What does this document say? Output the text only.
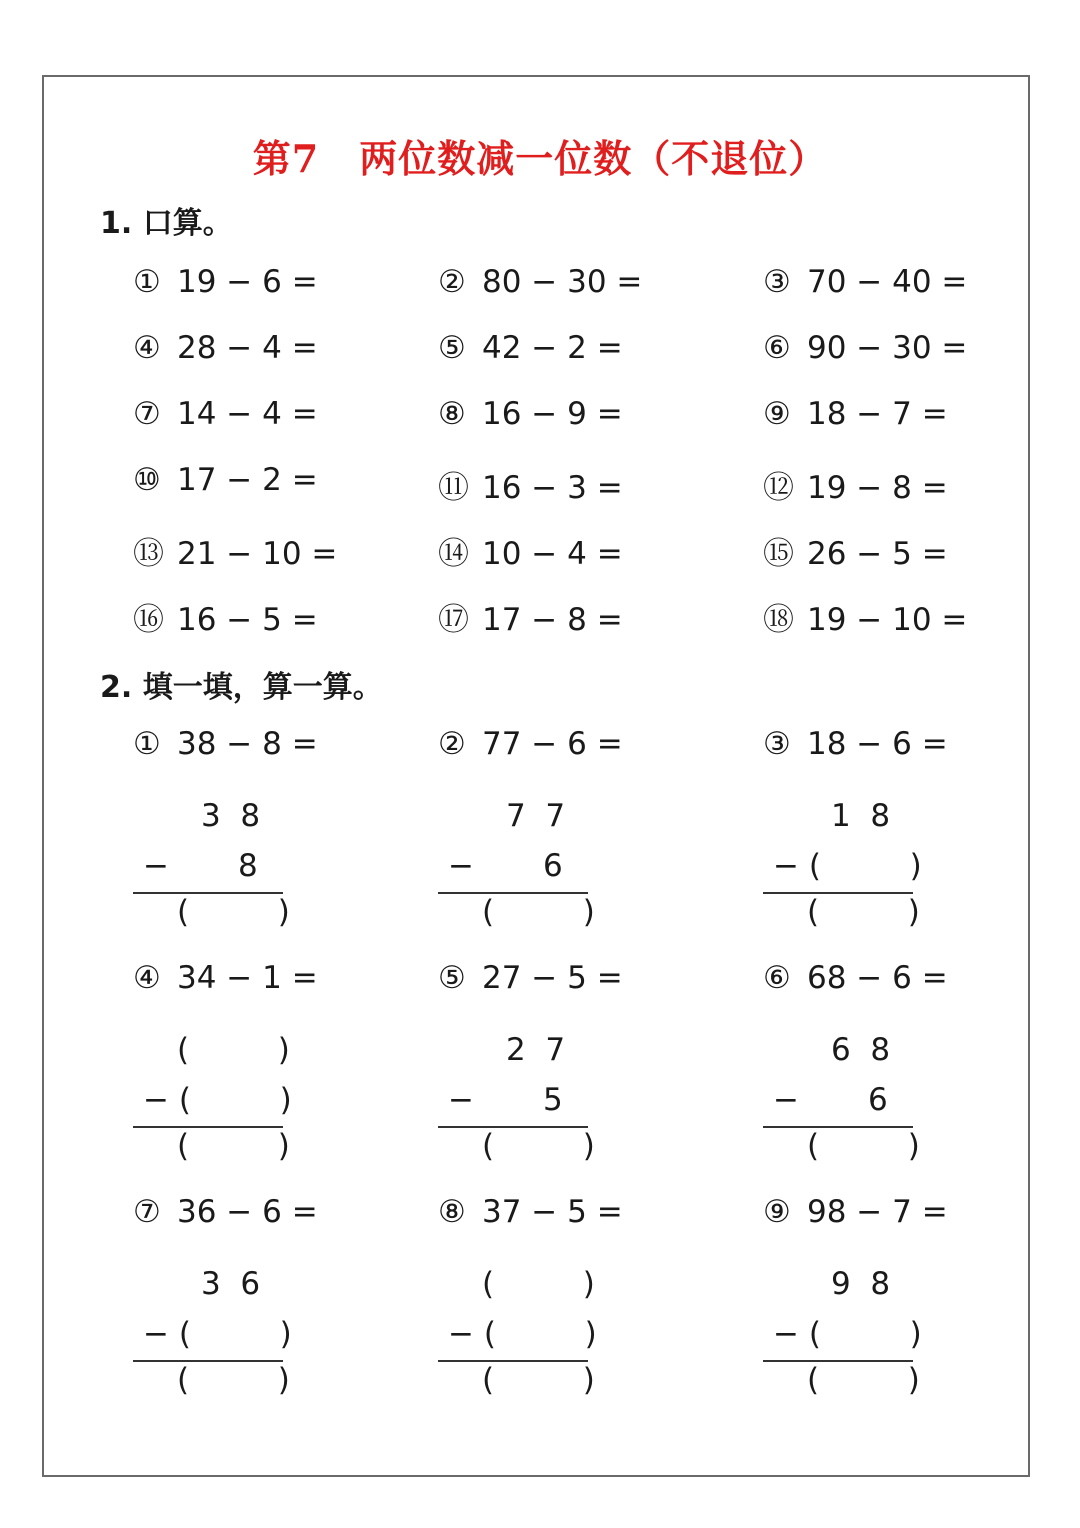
第7 两位数减一位数（不退位）
1. 口算。
① 19 − 6 =	② 80 − 30 =	③ 70 − 40 =
④ 28 − 4 =	⑤ 42 − 2 =	⑥ 90 − 30 =
⑦ 14 − 4 =	⑧ 16 − 9 =	⑨ 18 − 7 =
⑩ 17 − 2 =	⑪ 16 − 3 =	⑫ 19 − 8 =
⑬ 21 − 10 =	⑭ 10 − 4 =	⑮ 26 − 5 =
⑯ 16 − 5 =	⑰ 17 − 8 =	⑱ 19 − 10 =
2. 填一填，算一算。
① 38 − 8 =
3  8
−       8
(         )
② 77 − 6 =
7  7
−       6
(         )
③ 18 − 6 =
1  8
− (         )
(         )
④ 34 − 1 =
(         )
− (         )
(         )
⑤ 27 − 5 =
2  7
−       5
(         )
⑥ 68 − 6 =
6  8
−       6
(         )
⑦ 36 − 6 =
3  6
− (         )
(         )
⑧ 37 − 5 =
(         )
− (         )
(         )
⑨ 98 − 7 =
9  8
− (         )
(         )
